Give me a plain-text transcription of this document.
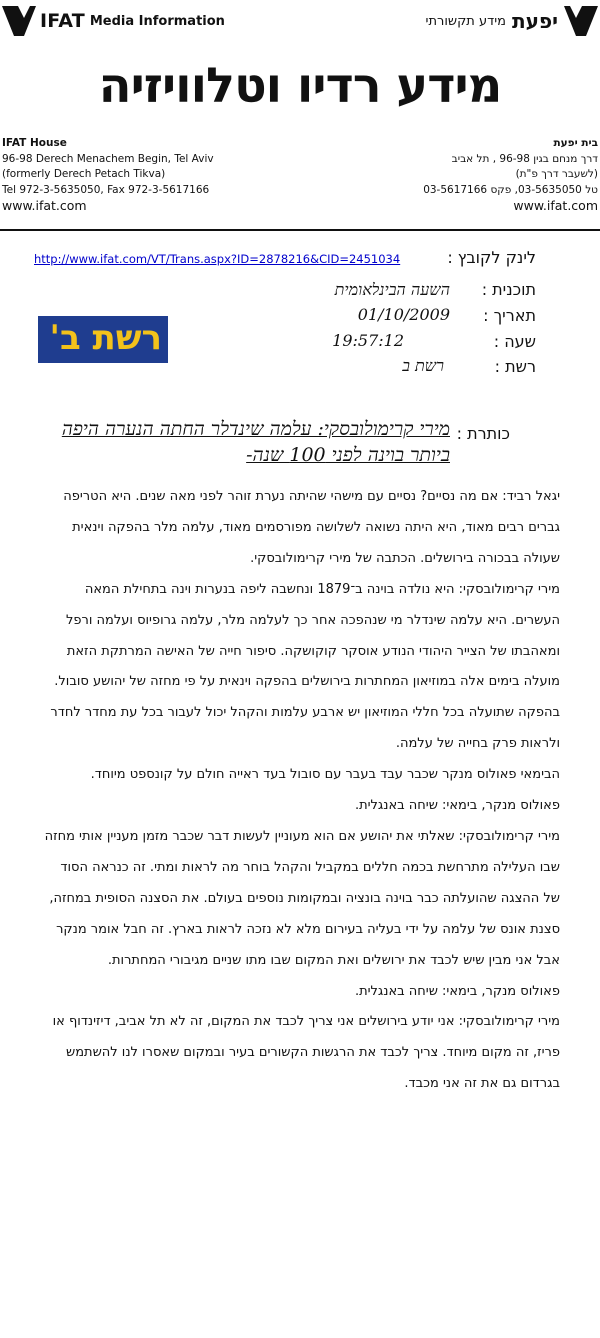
IFAT Media Information	מידע תקשורתי יפעת
מידע רדיו וטלוויזיה
IFAT House
96-98 Derech Menachem Begin, Tel Aviv
(formerly Derech Petach Tikva)
Tel 972-3-5635050, Fax 972-3-5617166
www.ifat.com
בית יפעת
דרך מנחם בגין 96-98 , תל אביב
(לשעבר דרך פ"ת)
טל 03-5635050, פקס 03-5617166
www.ifat.com
לינק לקובץ :
http://www.ifat.com/VT/Trans.aspx?ID=2878216&CID=2451034
תוכנית :
השעה הבינלאומית
תאריך :
01/10/2009
שעה :
19:57:12
רשת :
רשת ב
רשת ב'
כותרת :
מירי קרימולובסקי: עלמה שינדלר החתה הנערה היפה ביותר בוינה לפני 100 שנה-

יגאל רביד: אם מה נסיים? נסיים עם מישהי שהיתה נערת זוהר לפני מאה שנים. היא הטריפה גברים רבים מאוד, היא היתה נשואה לשלושה מפורסמים מאוד, עלמה מלר בהפקה וינאית שעולה בבכורה בירושלים. הכתבה של מירי קרימולובסקי.

מירי קרימולובסקי: היא נולדה בוינה ב־1879 ונחשבה ליפה בנערות וינה בתחילת המאה העשרים. היא עלמה שינדלר מי שנהפכה אחר כך לעלמה מלר, עלמה גרופיוס ועלמה ורפל ומאהבתו של הצייר היהודי הנודע אוסקר קוקושקה. סיפור חייה של האישה המרתקת הזאת מועלה בימים אלה במוזיאון המחתרות בירושלים בהפקה וינאית על פי מחזה של יהושע סובול.

בהפקה שתועלה בכל חללי המוזיאון יש ארבע עלמות והקהל יכול לעבור בכל עת מחדר לחדר ולראות פרק בחייה של עלמה.

הבימאי פאולוס מנקר שכבר עבד בעבר עם סובול בעד ראייה חולם על קונספט מיוחד.

פאולוס מנקר, בימאי: שיחה באנגלית.

מירי קרימולובסקי: שאלתי את יהושע אם הוא מעוניין לעשות דבר שכבר מזמן מעניין אותי מחזה שבו העלילה מתרחשת בכמה חללים במקביל והקהל בוחר מה לראות ומתי. זה כנראה הסוד של ההצגה שהועלתה כבר בוינה בונציה ובמקומות נוספים בעולם. את הסצנה הסופית במחזה, סצנת אונס של עלמה על ידי בעליה בעירום מלא לא נזכה לראות בארץ. זה חבל אומר מנקר אבל אני מבין שיש לכבד את ירושלים ואת המקום שבו מתו שניים מגיבורי המחתרות.

פאולוס מנקר, בימאי: שיחה באנגלית.

מירי קרימולובסקי: אני יודע בירושלים אני צריך לכבד את המקום, זה לא תל אביב, דיזינדוף או פריז, זה מקום מיוחד. צריך לכבד את הרגשות הקשורים בעיר ובמקום שאסרו לנו להשתמש בגרדום גם את זה אני מכבד.
